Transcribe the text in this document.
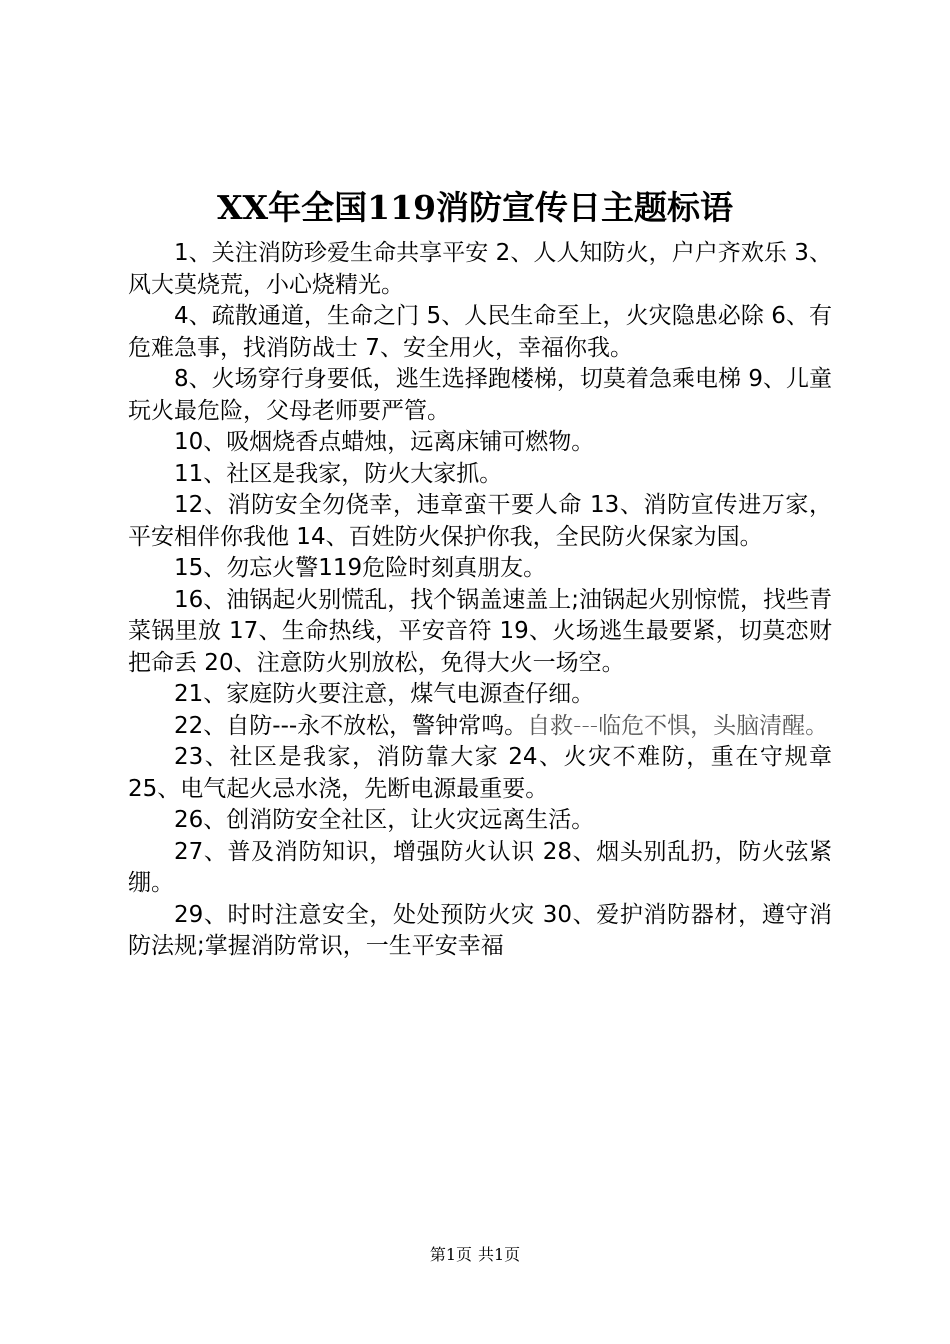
XX年全国119消防宣传日主题标语

1、关注消防珍爱生命共享平安 2、人人知防火，户户齐欢乐 3、风大莫烧荒，小心烧精光。

4、疏散通道，生命之门 5、人民生命至上，火灾隐患必除 6、有危难急事，找消防战士 7、安全用火，幸福你我。

8、火场穿行身要低，逃生选择跑楼梯，切莫着急乘电梯 9、儿童玩火最危险，父母老师要严管。

10、吸烟烧香点蜡烛，远离床铺可燃物。

11、社区是我家，防火大家抓。

12、消防安全勿侥幸，违章蛮干要人命 13、消防宣传进万家，平安相伴你我他 14、百姓防火保护你我，全民防火保家为国。

15、勿忘火警119危险时刻真朋友。

16、油锅起火别慌乱，找个锅盖速盖上;油锅起火别惊慌，找些青菜锅里放 17、生命热线，平安音符 19、火场逃生最要紧，切莫恋财把命丢 20、注意防火别放松，免得大火一场空。

21、家庭防火要注意，煤气电源查仔细。

22、自防---永不放松，警钟常鸣。自救---临危不惧，头脑清醒。

23、社区是我家，消防靠大家 24、火灾不难防，重在守规章 25、电气起火忌水浇，先断电源最重要。

26、创消防安全社区，让火灾远离生活。

27、普及消防知识，增强防火认识 28、烟头别乱扔，防火弦紧绷。

29、时时注意安全，处处预防火灾 30、爱护消防器材，遵守消防法规;掌握消防常识，一生平安幸福

第1页 共1页
